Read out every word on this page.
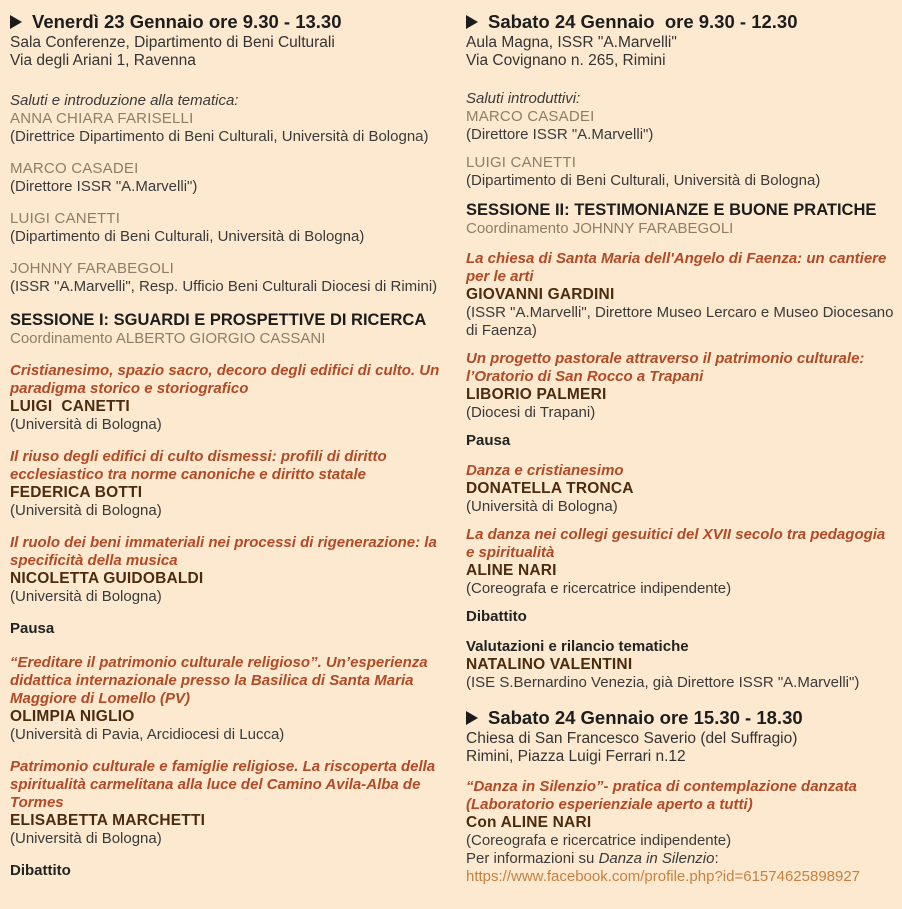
Venerdì 23 Gennaio ore 9.30 - 13.30

Sala Conferenze, Dipartimento di Beni Culturali

Via degli Ariani 1, Ravenna

Saluti e introduzione alla tematica:

ANNA CHIARA FARISELLI

(Direttrice Dipartimento di Beni Culturali, Università di Bologna)

MARCO CASADEI

(Direttore ISSR "A.Marvelli")

LUIGI CANETTI

(Dipartimento di Beni Culturali, Università di Bologna)

JOHNNY FARABEGOLI

(ISSR "A.Marvelli", Resp. Ufficio Beni Culturali Diocesi di Rimini)

SESSIONE I: SGUARDI E PROSPETTIVE DI RICERCA

Coordinamento ALBERTO GIORGIO CASSANI

Cristianesimo, spazio sacro, decoro degli edifici di culto. Un paradigma storico e storiografico

LUIGI  CANETTI

(Università di Bologna)

Il riuso degli edifici di culto dismessi: profili di diritto ecclesiastico tra norme canoniche e diritto statale

FEDERICA BOTTI

(Università di Bologna)

Il ruolo dei beni immateriali nei processi di rigenerazione: la specificità della musica

NICOLETTA GUIDOBALDI

(Università di Bologna)

Pausa

“Ereditare il patrimonio culturale religioso”. Un’esperienza didattica internazionale presso la Basilica di Santa Maria Maggiore di Lomello (PV)

OLIMPIA NIGLIO

(Università di Pavia, Arcidiocesi di Lucca)

Patrimonio culturale e famiglie religiose. La riscoperta della spiritualità carmelitana alla luce del Camino Avila-Alba de Tormes

ELISABETTA MARCHETTI

(Università di Bologna)

Dibattito

Sabato 24 Gennaio  ore 9.30 - 12.30

Aula Magna, ISSR "A.Marvelli"

Via Covignano n. 265, Rimini

Saluti introduttivi:

MARCO CASADEI

(Direttore ISSR "A.Marvelli")

LUIGI CANETTI

(Dipartimento di Beni Culturali, Università di Bologna)

SESSIONE II: TESTIMONIANZE E BUONE PRATICHE

Coordinamento JOHNNY FARABEGOLI

La chiesa di Santa Maria dell'Angelo di Faenza: un cantiere per le arti

GIOVANNI GARDINI

(ISSR "A.Marvelli", Direttore Museo Lercaro e Museo Diocesano di Faenza)

Un progetto pastorale attraverso il patrimonio culturale: l’Oratorio di San Rocco a Trapani

LIBORIO PALMERI

(Diocesi di Trapani)

Pausa

Danza e cristianesimo

DONATELLA TRONCA

(Università di Bologna)

La danza nei collegi gesuitici del XVII secolo tra pedagogia e spiritualità

ALINE NARI

(Coreografa e ricercatrice indipendente)

Dibattito

Valutazioni e rilancio tematiche

NATALINO VALENTINI

(ISE S.Bernardino Venezia, già Direttore ISSR "A.Marvelli")

Sabato 24 Gennaio ore 15.30 - 18.30

Chiesa di San Francesco Saverio (del Suffragio)

Rimini, Piazza Luigi Ferrari n.12

“Danza in Silenzio”- pratica di contemplazione danzata (Laboratorio esperienziale aperto a tutti)

Con ALINE NARI

(Coreografa e ricercatrice indipendente)

Per informazioni su Danza in Silenzio:

https://www.facebook.com/profile.php?id=61574625898927
